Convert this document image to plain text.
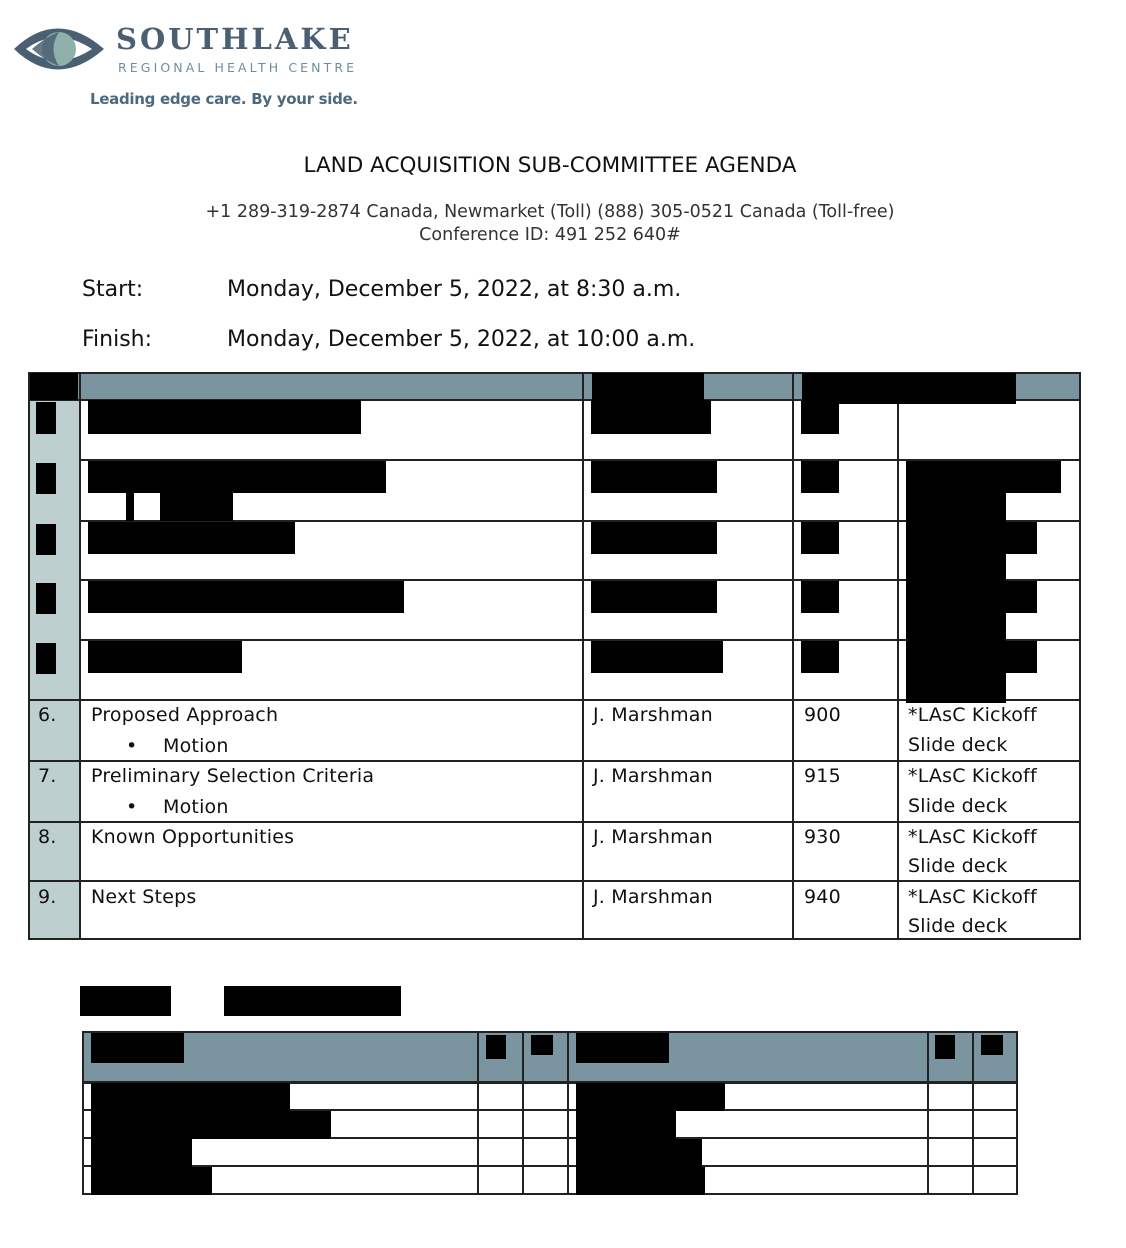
SOUTHLAKE
REGIONAL HEALTH CENTRE
Leading edge care. By your side.
LAND ACQUISITION SUB-COMMITTEE AGENDA
+1 289-319-2874 Canada, Newmarket (Toll) (888) 305-0521 Canada (Toll-free)
Conference ID: 491 252 640#
Start:	Monday, December 5, 2022, at 8:30 a.m.
Finish:	Monday, December 5, 2022, at 10:00 a.m.
6. Proposed Approach
• Motion
J. Marshman	900	*LAsC Kickoff
Slide deck
7. Preliminary Selection Criteria
• Motion
J. Marshman	915	*LAsC Kickoff
Slide deck
8. Known Opportunities	J. Marshman	930	*LAsC Kickoff
Slide deck
9. Next Steps	J. Marshman	940	*LAsC Kickoff
Slide deck
